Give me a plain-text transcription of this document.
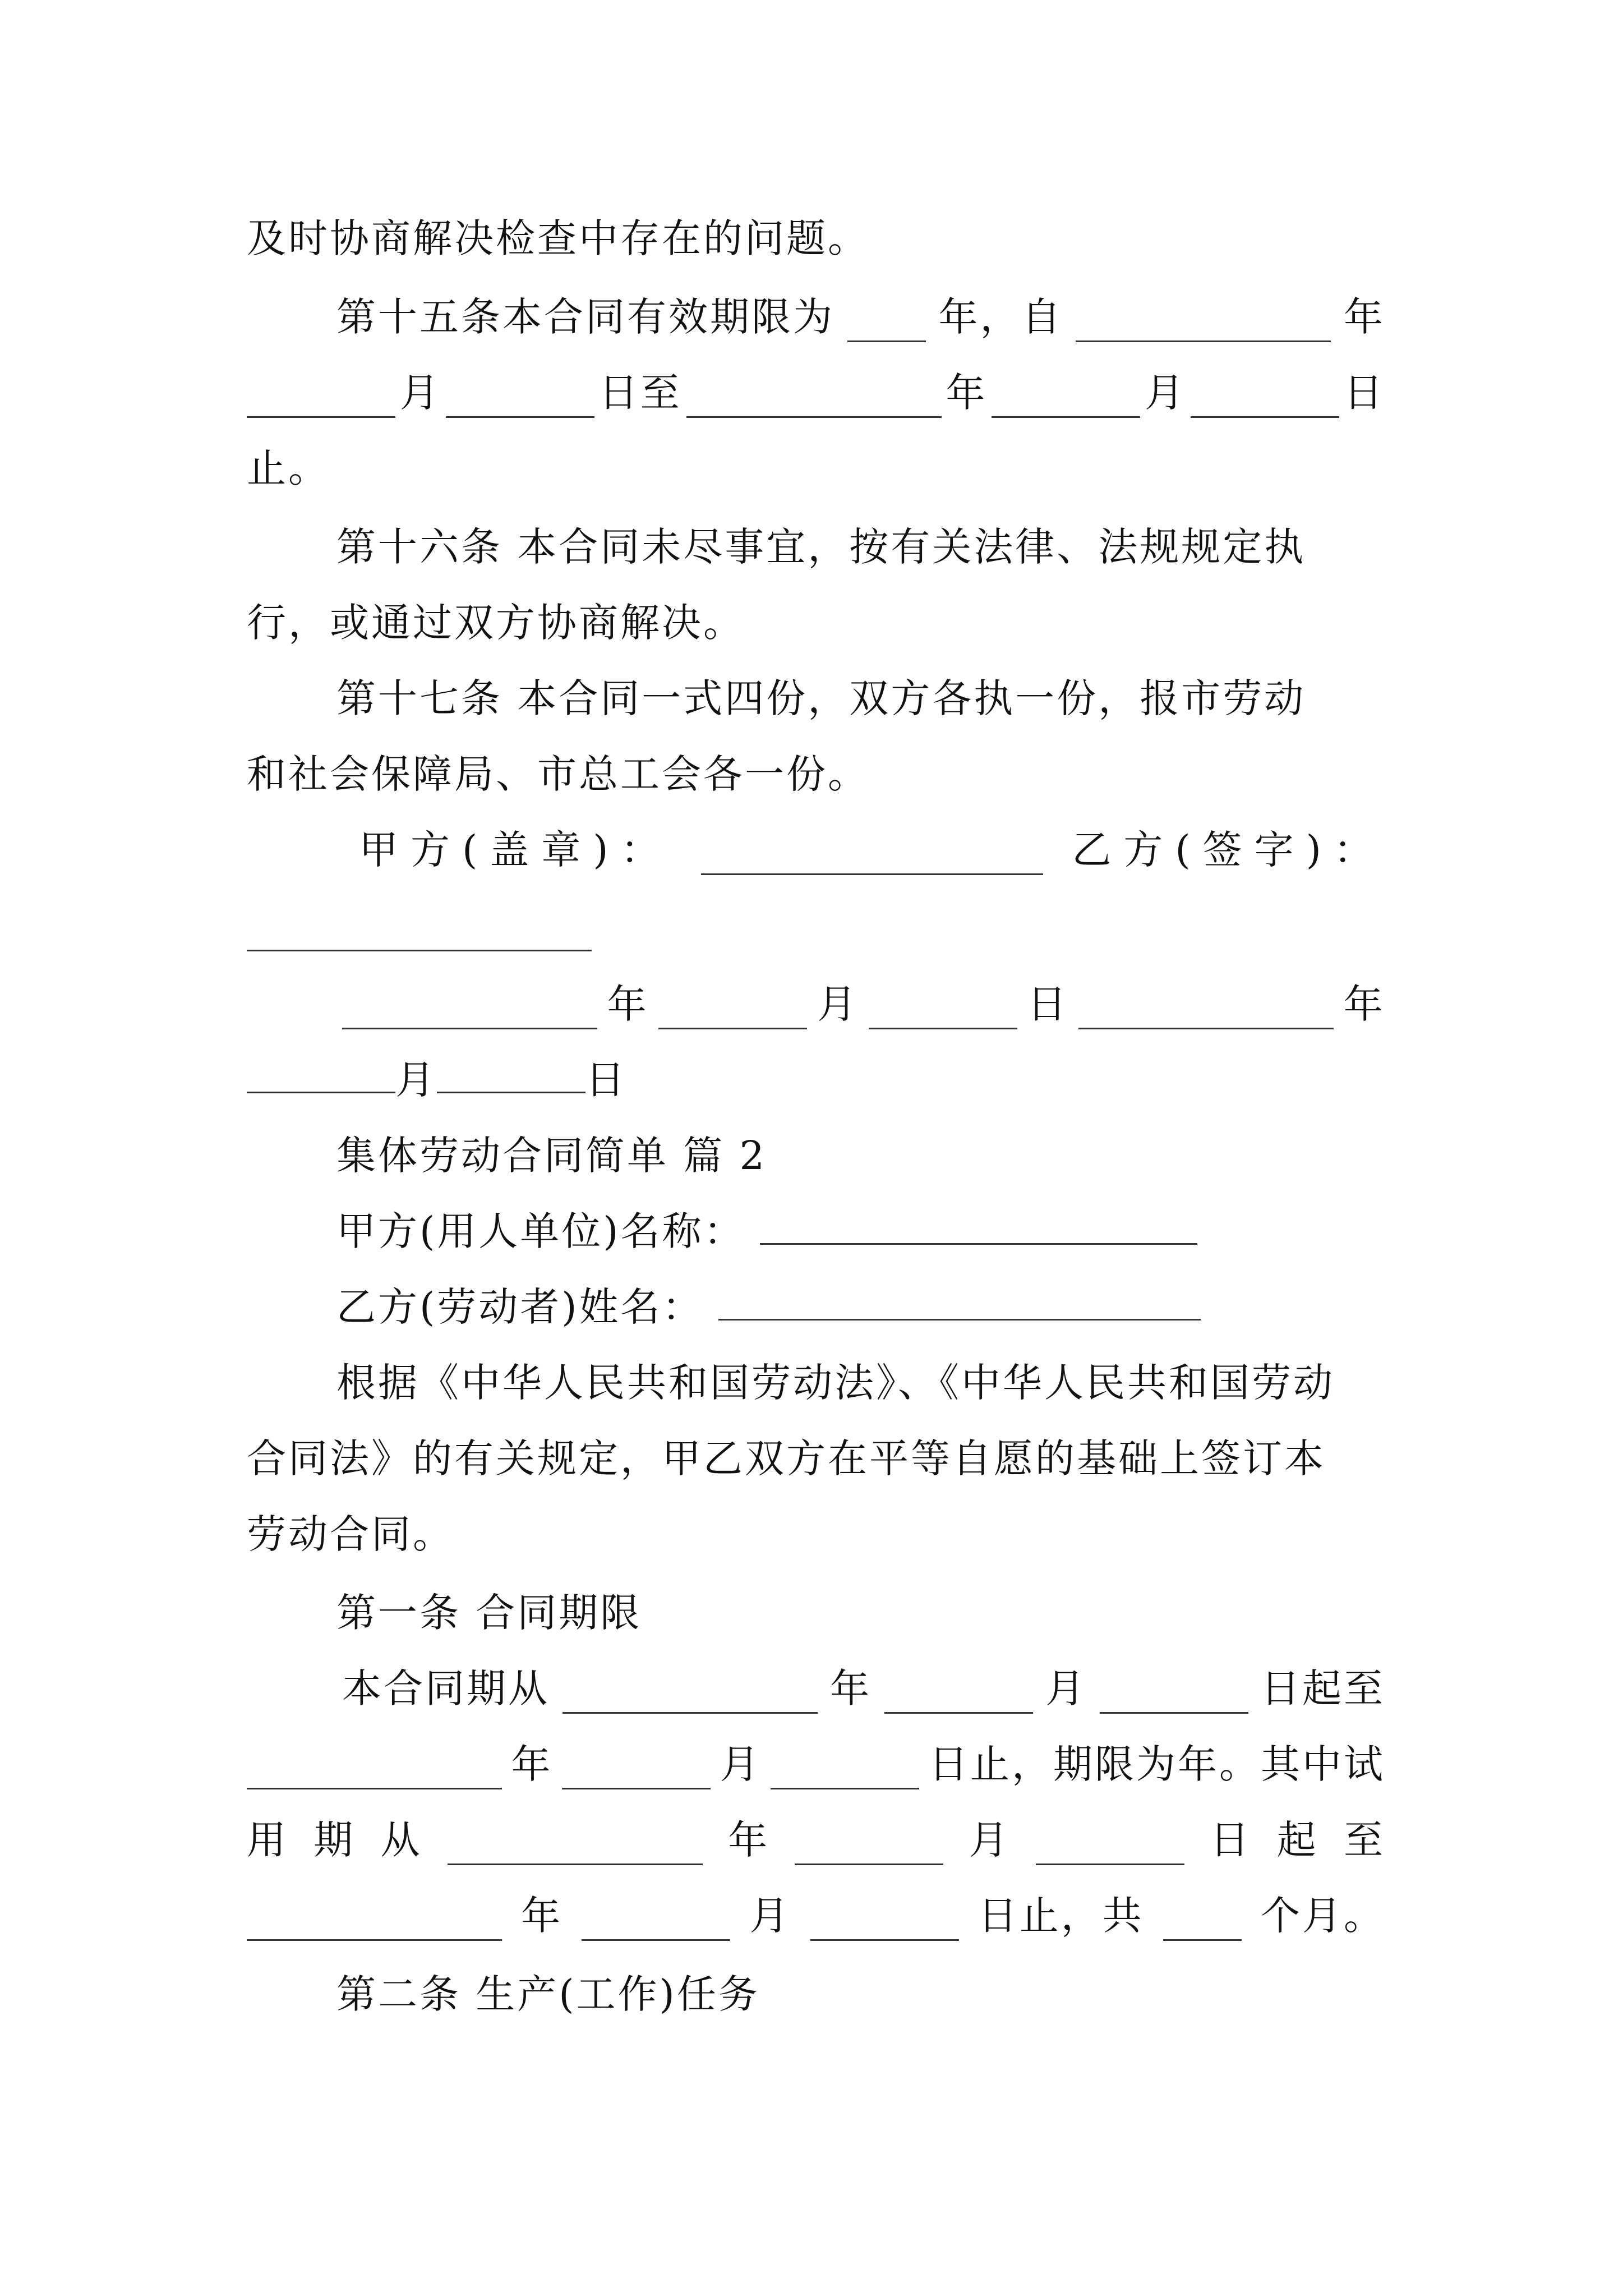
及时协商解决检查中存在的问题。
第十五条本合同有效期限为	年，自	年
月	日至	年	月	日
止。
第十六条 本合同未尽事宜，按有关法律、法规规定执
行，或通过双方协商解决。
第十七条 本合同一式四份，双方各执一份，报市劳动
和社会保障局、市总工会各一份。
甲方(盖章)：	乙方(签字)：
年	月	日	年
月	日
集体劳动合同简单 篇 2
甲方(用人单位)名称：
乙方(劳动者)姓名：
根据《中华人民共和国劳动法》、《中华人民共和国劳动
合同法》的有关规定，甲乙双方在平等自愿的基础上签订本
劳动合同。
第一条 合同期限
本合同期从	年	月	日起至
年	月	日止，期限为年。其中试
用 期 从	年	月	日 起 至
年	月	日止，共	个月。
第二条 生产(工作)任务
